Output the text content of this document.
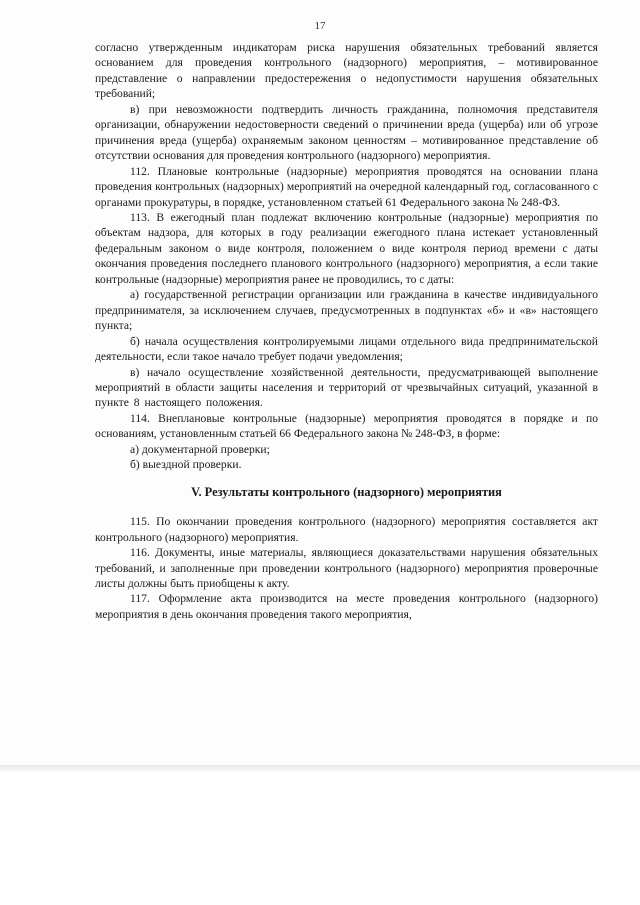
17

согласно утвержденным индикаторам риска нарушения обязательных требований является основанием для проведения контрольного (надзорного) мероприятия, – мотивированное представление о направлении предостережения о недопустимости нарушения обязательных требований;

в) при невозможности подтвердить личность гражданина, полномочия представителя организации, обнаружении недостоверности сведений о причинении вреда (ущерба) или об угрозе причинения вреда (ущерба) охраняемым законом ценностям – мотивированное представление об отсутствии основания для проведения контрольного (надзорного) мероприятия.

112. Плановые контрольные (надзорные) мероприятия проводятся на основании плана проведения контрольных (надзорных) мероприятий на очередной календарный год, согласованного с органами прокуратуры, в порядке, установленном статьей 61 Федерального закона № 248-ФЗ.

113. В ежегодный план подлежат включению контрольные (надзорные) мероприятия по объектам надзора, для которых в году реализации ежегодного плана истекает установленный федеральным законом о виде контроля, положением о виде контроля период времени с даты окончания проведения последнего планового контрольного (надзорного) мероприятия, а если такие контрольные (надзорные) мероприятия ранее не проводились, то с даты:

а) государственной регистрации организации или гражданина в качестве индивидуального предпринимателя, за исключением случаев, предусмотренных в подпунктах «б» и «в» настоящего пункта;

б) начала осуществления контролируемыми лицами отдельного вида предпринимательской деятельности, если такое начало требует подачи уведомления;

в) начало осуществление хозяйственной деятельности, предусматривающей выполнение мероприятий в области защиты населения и территорий от чрезвычайных ситуаций, указанной в пункте 8 настоящего положения.

114. Внеплановые контрольные (надзорные) мероприятия проводятся в порядке и по основаниям, установленным статьей 66 Федерального закона № 248-ФЗ, в форме:

а) документарной проверки;

б) выездной проверки.

V. Результаты контрольного (надзорного) мероприятия

115. По окончании проведения контрольного (надзорного) мероприятия составляется акт контрольного (надзорного) мероприятия.

116. Документы, иные материалы, являющиеся доказательствами нарушения обязательных требований, и заполненные при проведении контрольного (надзорного) мероприятия проверочные листы должны быть приобщены к акту.

117. Оформление акта производится на месте проведения контрольного (надзорного) мероприятия в день окончания проведения такого мероприятия,
